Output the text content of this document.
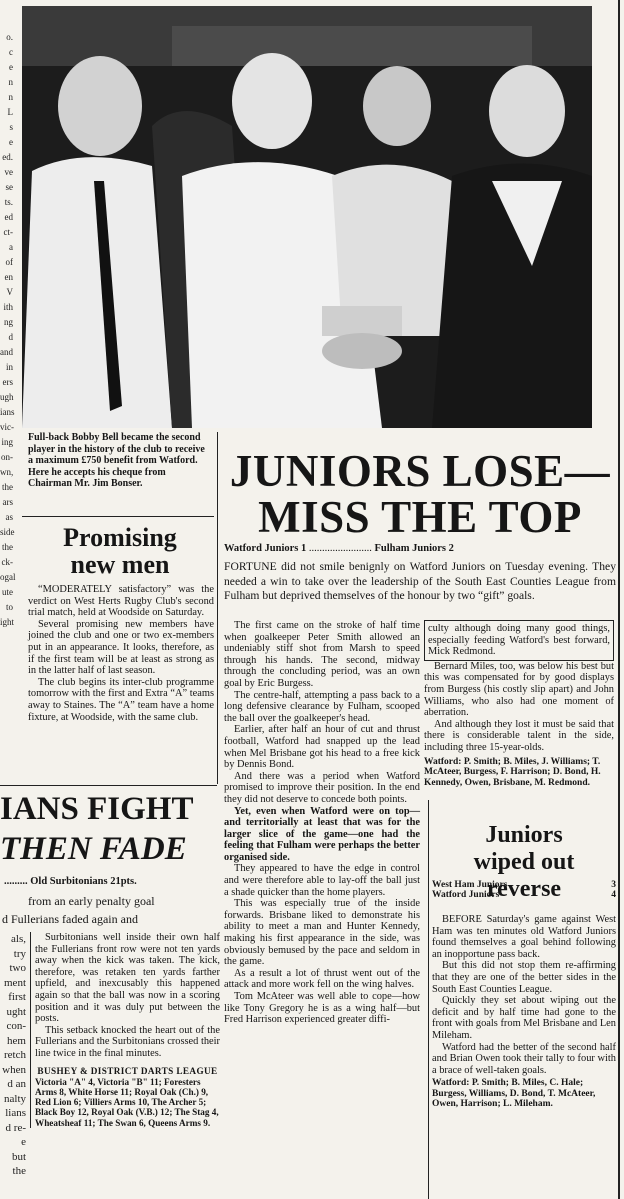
o.
c
e
n
n
L
s
e
ed.
ve
se
ts.
ed
ct-
a
of
en
V
ith
ng
d
and
in
ers
ugh
ians
vic-
ing
on-
wn,
the
ars
as
side
the
ck-
ogal
ute
to
ight
Full-back Bobby Bell became the second player in the history of the club to receive a maximum £750 benefit from Watford. Here he accepts his cheque from Chairman Mr. Jim Bonser.
Promising new men

“MODERATELY satisfactory” was the verdict on West Herts Rugby Club's second trial match, held at Woodside on Saturday.

Several promising new members have joined the club and one or two ex-members put in an appearance. It looks, therefore, as if the first team will be at least as strong as in the latter half of last season.

The club begins its inter-club programme tomorrow with the first and Extra “A” teams away to Staines. The “A” team have a home fixture, at Woodside, with the same club.

JUNIORS LOSE—
MISS THE TOP
Watford Juniors 1 ........................ Fulham Juniors 2
FORTUNE did not smile benignly on Watford Juniors on Tuesday evening. They needed a win to take over the leadership of the South East Counties League from Fulham but deprived themselves of the honour by two “gift” goals.

The first came on the stroke of half time when goalkeeper Peter Smith allowed an undeniably stiff shot from Marsh to speed through his hands. The second, midway through the concluding period, was an own goal by Eric Burgess.

The centre-half, attempting a pass back to a long defensive clearance by Fulham, scooped the ball over the goalkeeper's head.

Earlier, after half an hour of cut and thrust football, Watford had snapped up the lead when Mel Brisbane got his head to a free kick by Dennis Bond.

And there was a period when Watford promised to improve their position. In the end they did not deserve to concede both points.

Yet, even when Watford were on top—and territorially at least that was for the larger slice of the game—one had the feeling that Fulham were perhaps the better organised side.

They appeared to have the edge in control and were therefore able to lay-off the ball just a shade quicker than the home players.

This was especially true of the inside forwards. Brisbane liked to demonstrate his ability to meet a man and Hunter Kennedy, making his first appearance in the side, was obviously bemused by the pace and seldom in the game.

As a result a lot of thrust went out of the attack and more work fell on the wing halves.

Tom McAteer was well able to cope—how like Tony Gregory he is as a wing half—but Fred Harrison experienced greater diffi-

culty although doing many good things, especially feeding Watford's best forward, Mick Redmond.

Bernard Miles, too, was below his best but this was compensated for by good displays from Burgess (his costly slip apart) and John Williams, who also had one moment of aberration.

And although they lost it must be said that there is considerable talent in the side, including three 15-year-olds.

Watford: P. Smith; B. Miles, J. Williams; T. McAteer, Burgess, F. Harrison; D. Bond, H. Kennedy, Owen, Brisbane, M. Redmond.

Juniors wiped out reverse
West Ham Juniors	3
Watford Juniors	4

BEFORE Saturday's game against West Ham was ten minutes old Watford Juniors found themselves a goal behind following an inopportune pass back.

But this did not stop them re-affirming that they are one of the better sides in the South East Counties League.

Quickly they set about wiping out the deficit and by half time had gone to the front with goals from Mel Brisbane and Len Mileham.

Watford had the better of the second half and Brian Owen took their tally to four with a brace of well-taken goals.

Watford: P. Smith; B. Miles, C. Hale; Burgess, Williams, D. Bond, T. McAteer, Owen, Harrison; L. Mileham.

IANS FIGHT
THEN FADE
......... Old Surbitonians 21pts.
from an early penalty goal
d Fullerians faded again and
als,
try
two
ment
first
ught
con-
hem
retch
when
d an
nalty
lians
d re-
e
but
the

Surbitonians well inside their own half the Fullerians front row were not ten yards away when the kick was taken. The kick, therefore, was retaken ten yards farther upfield, and inexcusably this happened again so that the ball was now in a scoring position and it was duly put between the posts.

This setback knocked the heart out of the Fullerians and the Surbitonians crossed their line twice in the final minutes.

BUSHEY & DISTRICT DARTS LEAGUE
Victoria "A" 4, Victoria "B" 11; Foresters Arms 8, White Horse 11; Royal Oak (Ch.) 9, Red Lion 6; Villiers Arms 10, The Archer 5; Black Boy 12, Royal Oak (V.B.) 12; The Stag 4, Wheatsheaf 11; The Swan 6, Queens Arms 9.
